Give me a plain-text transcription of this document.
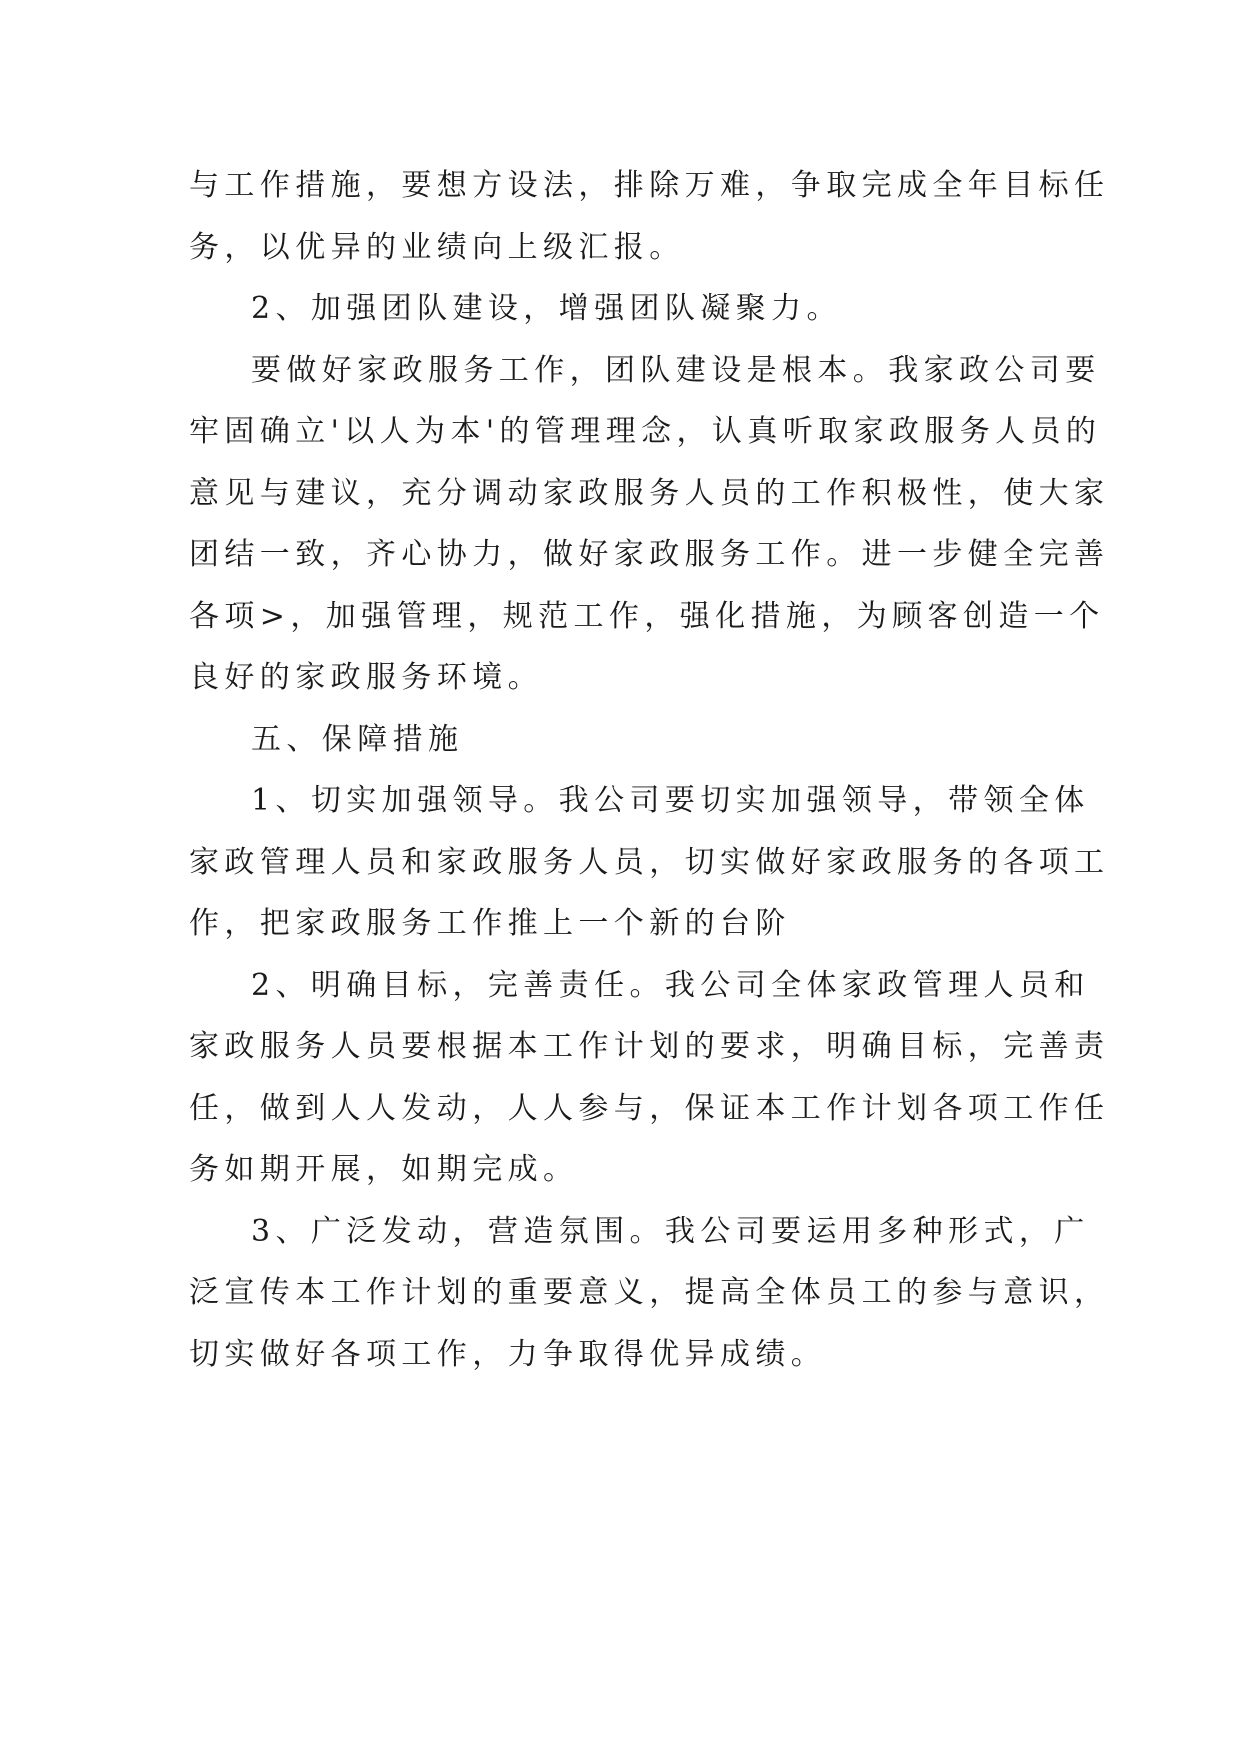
与工作措施，要想方设法，排除万难，争取完成全年目标任
务，以优异的业绩向上级汇报。
2、加强团队建设，增强团队凝聚力。
要做好家政服务工作，团队建设是根本。我家政公司要
牢固确立'以人为本'的管理理念，认真听取家政服务人员的
意见与建议，充分调动家政服务人员的工作积极性，使大家
团结一致，齐心协力，做好家政服务工作。进一步健全完善
各项>，加强管理，规范工作，强化措施，为顾客创造一个
良好的家政服务环境。
五、保障措施
1、切实加强领导。我公司要切实加强领导，带领全体
家政管理人员和家政服务人员，切实做好家政服务的各项工
作，把家政服务工作推上一个新的台阶
2、明确目标，完善责任。我公司全体家政管理人员和
家政服务人员要根据本工作计划的要求，明确目标，完善责
任，做到人人发动，人人参与，保证本工作计划各项工作任
务如期开展，如期完成。
3、广泛发动，营造氛围。我公司要运用多种形式，广
泛宣传本工作计划的重要意义，提高全体员工的参与意识，
切实做好各项工作，力争取得优异成绩。
